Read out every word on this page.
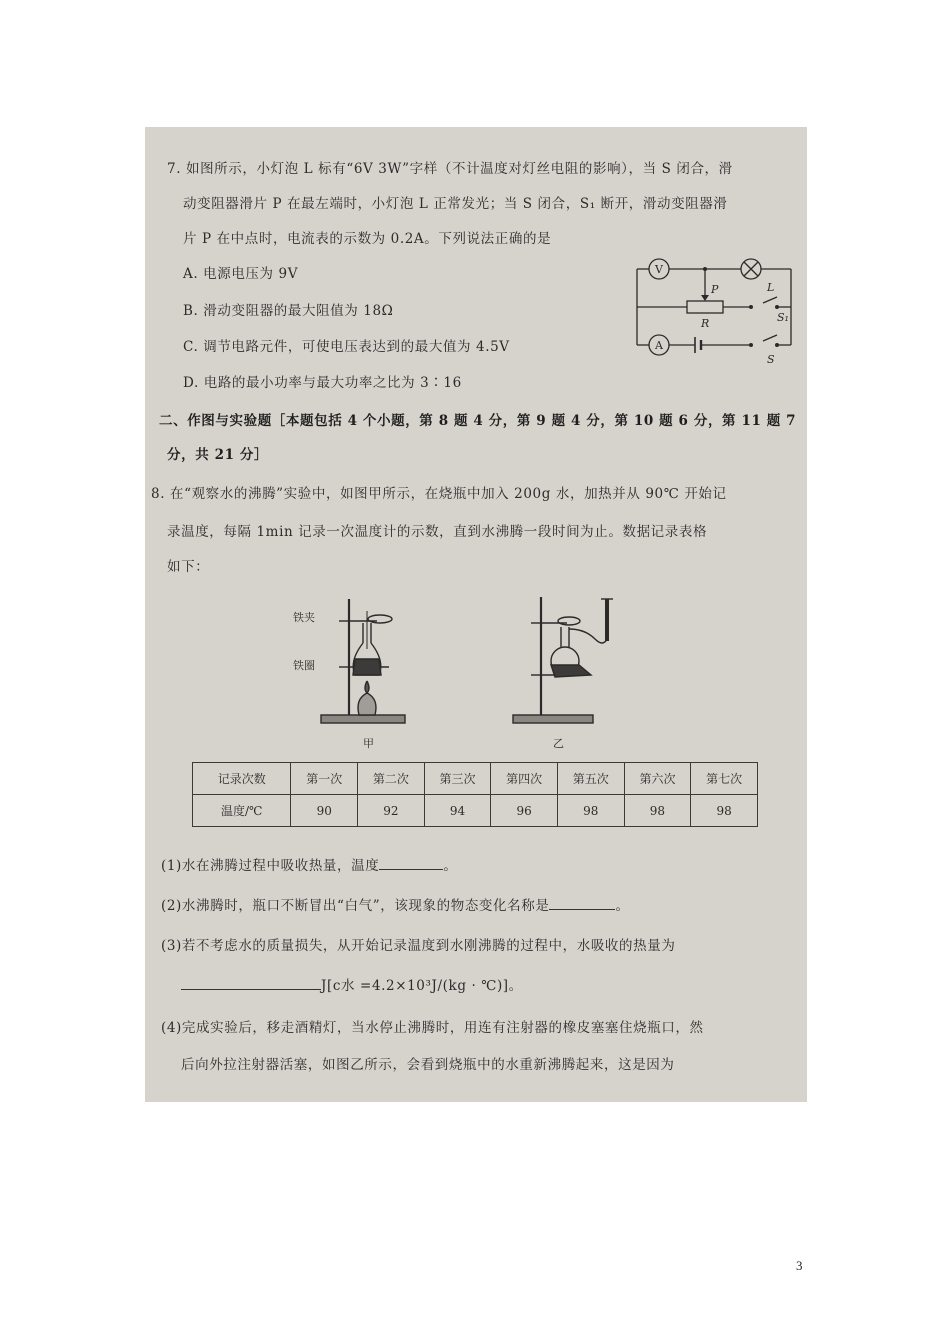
7. 如图所示，小灯泡 L 标有“6V 3W”字样（不计温度对灯丝电阻的影响），当 S 闭合，滑
动变阻器滑片 P 在最左端时，小灯泡 L 正常发光；当 S 闭合，S₁ 断开，滑动变阻器滑
片 P 在中点时，电流表的示数为 0.2A。下列说法正确的是
A. 电源电压为 9V
B. 滑动变阻器的最大阻值为 18Ω
C. 调节电路元件，可使电压表达到的最大值为 4.5V
D. 电路的最小功率与最大功率之比为 3∶16
V
A
P
R
L
S₁
S
二、作图与实验题［本题包括 4 个小题，第 8 题 4 分，第 9 题 4 分，第 10 题 6 分，第 11 题 7
分，共 21 分］
8. 在“观察水的沸腾”实验中，如图甲所示，在烧瓶中加入 200g 水，加热并从 90℃ 开始记
录温度，每隔 1min 记录一次温度计的示数，直到水沸腾一段时间为止。数据记录表格
如下：
铁夹
铁圈
甲	乙
记录次数	第一次	第二次	第三次	第四次	第五次	第六次	第七次
温度/℃	90	92	94	96	98	98	98
(1)水在沸腾过程中吸收热量，温度	。
(2)水沸腾时，瓶口不断冒出“白气”，该现象的物态变化名称是	。
(3)若不考虑水的质量损失，从开始记录温度到水刚沸腾的过程中，水吸收的热量为
J[c水 =4.2×10³J/(kg · ℃)]。
(4)完成实验后，移走酒精灯，当水停止沸腾时，用连有注射器的橡皮塞塞住烧瓶口，然
后向外拉注射器活塞，如图乙所示，会看到烧瓶中的水重新沸腾起来，这是因为
3
